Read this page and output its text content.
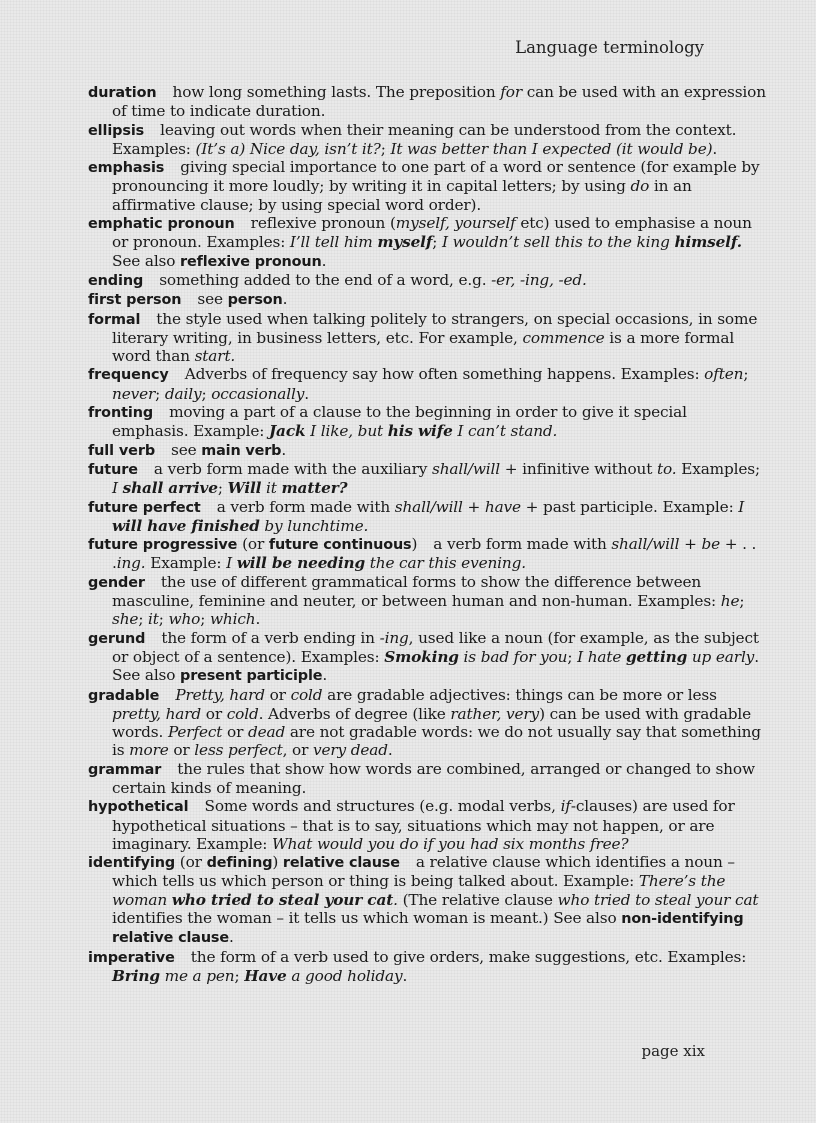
Language terminology

duration how long something lasts. The preposition for can be used with an expression of time to indicate duration.

ellipsis leaving out words when their meaning can be understood from the context. Examples: (It’s a) Nice day, isn’t it?; It was better than I expected (it would be).

emphasis giving special importance to one part of a word or sentence (for example by pronouncing it more loudly; by writing it in capital letters; by using do in an affirmative clause; by using special word order).

emphatic pronoun reflexive pronoun (myself, yourself etc) used to emphasise a noun or pronoun. Examples: I’ll tell him myself; I wouldn’t sell this to the king himself. See also reflexive pronoun.

ending something added to the end of a word, e.g. -er, -ing, -ed.

first person see person.

formal the style used when talking politely to strangers, on special occasions, in some literary writing, in business letters, etc. For example, commence is a more formal word than start.

frequency Adverbs of frequency say how often something happens. Examples: often; never; daily; occasionally.

fronting moving a part of a clause to the beginning in order to give it special emphasis. Example: Jack I like, but his wife I can’t stand.

full verb see main verb.

future a verb form made with the auxiliary shall/will + infinitive without to. Examples; I shall arrive; Will it matter?

future perfect a verb form made with shall/will + have + past participle. Example: I will have finished by lunchtime.

future progressive (or future continuous) a verb form made with shall/will + be + . . .ing. Example: I will be needing the car this evening.

gender the use of different grammatical forms to show the difference between masculine, feminine and neuter, or between human and non-human. Examples: he; she; it; who; which.

gerund the form of a verb ending in -ing, used like a noun (for example, as the subject or object of a sentence). Examples: Smoking is bad for you; I hate getting up early. See also present participle.

gradable Pretty, hard or cold are gradable adjectives: things can be more or less pretty, hard or cold. Adverbs of degree (like rather, very) can be used with gradable words. Perfect or dead are not gradable words: we do not usually say that something is more or less perfect, or very dead.

grammar the rules that show how words are combined, arranged or changed to show certain kinds of meaning.

hypothetical Some words and structures (e.g. modal verbs, if-clauses) are used for hypothetical situations – that is to say, situations which may not happen, or are imaginary. Example: What would you do if you had six months free?

identifying (or defining) relative clause a relative clause which identifies a noun – which tells us which person or thing is being talked about. Example: There’s the woman who tried to steal your cat. (The relative clause who tried to steal your cat identifies the woman – it tells us which woman is meant.) See also non-identifying relative clause.

imperative the form of a verb used to give orders, make suggestions, etc. Examples: Bring me a pen; Have a good holiday.

page xix
